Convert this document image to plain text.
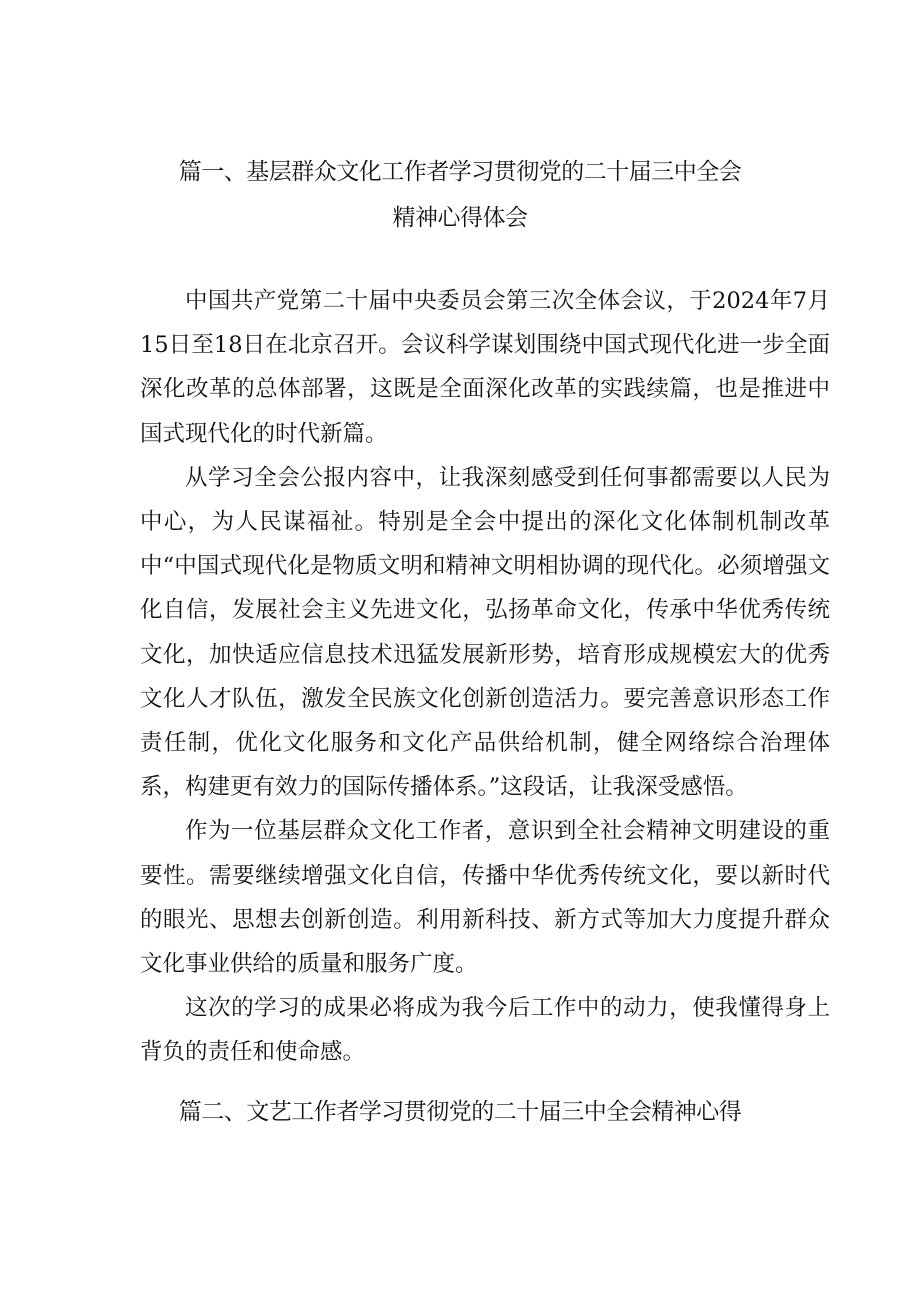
篇一、基层群众文化工作者学习贯彻党的二十届三中全会
精神心得体会

中国共产党第二十届中央委员会第三次全体会议，于2024年7月15日至18日在北京召开。会议科学谋划围绕中国式现代化进一步全面深化改革的总体部署，这既是全面深化改革的实践续篇，也是推进中国式现代化的时代新篇。

从学习全会公报内容中，让我深刻感受到任何事都需要以人民为中心，为人民谋福祉。特别是全会中提出的深化文化体制机制改革中“中国式现代化是物质文明和精神文明相协调的现代化。必须增强文化自信，发展社会主义先进文化，弘扬革命文化，传承中华优秀传统文化，加快适应信息技术迅猛发展新形势，培育形成规模宏大的优秀文化人才队伍，激发全民族文化创新创造活力。要完善意识形态工作责任制，优化文化服务和文化产品供给机制，健全网络综合治理体系，构建更有效力的国际传播体系。”这段话，让我深受感悟。

作为一位基层群众文化工作者，意识到全社会精神文明建设的重要性。需要继续增强文化自信，传播中华优秀传统文化，要以新时代的眼光、思想去创新创造。利用新科技、新方式等加大力度提升群众文化事业供给的质量和服务广度。

这次的学习的成果必将成为我今后工作中的动力，使我懂得身上背负的责任和使命感。

篇二、文艺工作者学习贯彻党的二十届三中全会精神心得
